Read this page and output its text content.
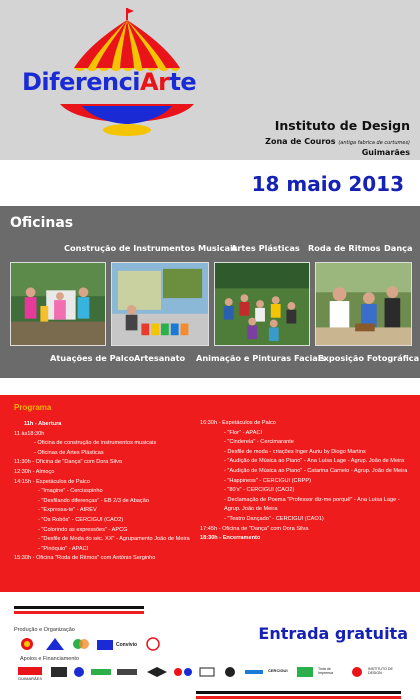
DiferenciArte
Instituto de Design
Zona de Couros (antiga fabrica de curtumes)
Guimarães
18 maio 2013
Oficinas
Construção de Instrumentos Musicais
Artes Plásticas Roda de Ritmos Dança
Atuações de Palco Artesanato Animação e Pinturas Faciais
Exposição Fotográfica
Programa
11h - Abertura
11 às18:30h
- Oficina de construção de instrumentos musicais
- Oficinas de Artes Plásticas
11:30h - Oficina de "Dança" com Dora Silva
12:30h - Almoço
14:15h - Espetáculos de Palco
- "Imagine" - Cercisspinho
- "Desfilando diferenças" - EB 2/3 de Abação
- "Expressa-te" - AIREV
- "Os Robôs" - CERCIGUI (CAO2)
- "Colorindo as expressões" - APCG
- "Desfile de Moda do séc. XX" - Agrupamento João de Meira
- "Pinóquio" - APACI
15:30h - Oficina "Roda de Ritmos" com António Serginho
16:30h - Espetáculos de Palco
- "Flor" - APACI
- "Cinderela" - Cercimarante
- Desfile de moda - criações Inger Auriu by Diogo Martins
- "Audição de Música ao Piano" - Ana Luísa Lage - Agrup. João de Meira
- "Audição de Música ao Piano" - Catarina Camelo - Agrup. João de Meira
- "Happiness" - CERCIGUI (CRPP)
- "80's" - CERCIGUI (CAO2)
- Declamação de Poema "Professor diz-me porquê" - Ana Luísa Lage -
Agrup. João de Meira
- "Teatro Dançado" - CERCIGUI (CAO1)
17:45h - Oficina de "Dança" com Dora Silva
18:30h - Encerramento
Produção e Organização	Entrada gratuita
Convívio
Apoios e Financiamento
GUIMARÃES
CERCIGUI	Tinta de Imprensa
INSTITUTO DE DESIGN
